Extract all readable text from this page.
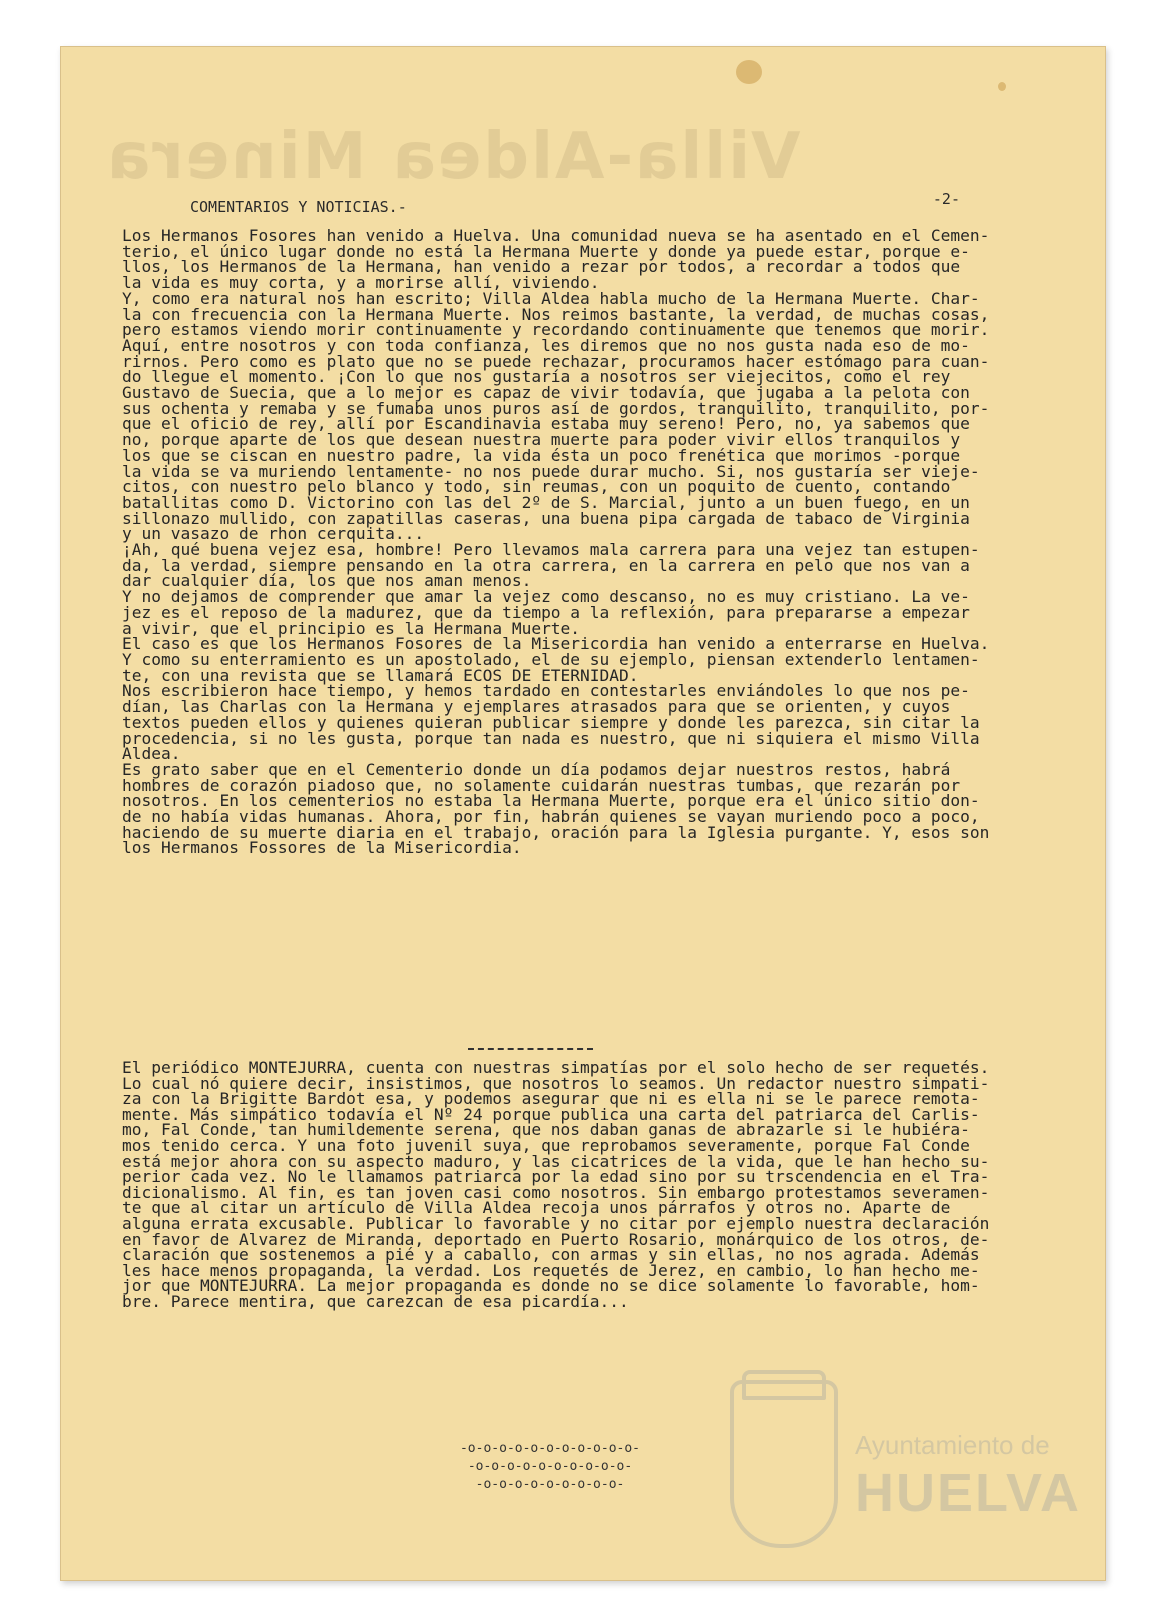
Villa-Aldea Minera
COMENTARIOS Y NOTICIAS.-	-2-

Los Hermanos Fosores han venido a Huelva. Una comunidad nueva se ha asentado en el Cemen-

terio, el único lugar donde no está la Hermana Muerte y donde ya puede estar, porque e-

llos, los Hermanos de la Hermana, han venido a rezar por todos, a recordar a todos que

la vida es muy corta, y a morirse allí, viviendo.

Y, como era natural nos han escrito; Villa Aldea habla mucho de la Hermana Muerte. Char-

la con frecuencia con la Hermana Muerte. Nos reimos bastante, la verdad, de muchas cosas,

pero estamos viendo morir continuamente y recordando continuamente que tenemos que morir.

Aquí, entre nosotros y con toda confianza, les diremos que no nos gusta nada eso de mo-

rirnos. Pero como es plato que no se puede rechazar, procuramos hacer estómago para cuan-

do llegue el momento. ¡Con lo que nos gustaría a nosotros ser viejecitos, como el rey

Gustavo de Suecia, que a lo mejor es capaz de vivir todavía, que jugaba a la pelota con

sus ochenta y remaba y se fumaba unos puros así de gordos, tranquilito, tranquilito, por-

que el oficio de rey, allí por Escandinavia estaba muy sereno! Pero, no, ya sabemos que

no, porque aparte de los que desean nuestra muerte para poder vivir ellos tranquilos y

los que se ciscan en nuestro padre, la vida ésta un poco frenética que morimos -porque

la vida se va muriendo lentamente- no nos puede durar mucho. Si, nos gustaría ser vieje-

citos, con nuestro pelo blanco y todo, sin reumas, con un poquito de cuento, contando

batallitas como D. Victorino con las del 2º de S. Marcial, junto a un buen fuego, en un

sillonazo mullido, con zapatillas caseras, una buena pipa cargada de tabaco de Virginia

y un vasazo de rhon cerquita...

¡Ah, qué buena vejez esa, hombre! Pero llevamos mala carrera para una vejez tan estupen-

da, la verdad, siempre pensando en la otra carrera, en la carrera en pelo que nos van a

dar cualquier día, los que nos aman menos.

Y no dejamos de comprender que amar la vejez como descanso, no es muy cristiano. La ve-

jez es el reposo de la madurez, que da tiempo a la reflexión, para prepararse a empezar

a vivir, que el principio es la Hermana Muerte.

El caso es que los Hermanos Fosores de la Misericordia han venido a enterrarse en Huelva.

Y como su enterramiento es un apostolado, el de su ejemplo, piensan extenderlo lentamen-

te, con una revista que se llamará ECOS DE ETERNIDAD.

Nos escribieron hace tiempo, y hemos tardado en contestarles enviándoles lo que nos pe-

dían, las Charlas con la Hermana y ejemplares atrasados para que se orienten, y cuyos

textos pueden ellos y quienes quieran publicar siempre y donde les parezca, sin citar la

procedencia, si no les gusta, porque tan nada es nuestro, que ni siquiera el mismo Villa

Aldea.

Es grato saber que en el Cementerio donde un día podamos dejar nuestros restos, habrá

hombres de corazón piadoso que, no solamente cuidarán nuestras tumbas, que rezarán por

nosotros. En los cementerios no estaba la Hermana Muerte, porque era el único sitio don-

de no había vidas humanas. Ahora, por fin, habrán quienes se vayan muriendo poco a poco,

haciendo de su muerte diaria en el trabajo, oración para la Iglesia purgante. Y, esos son

los Hermanos Fossores de la Misericordia.

El periódico MONTEJURRA, cuenta con nuestras simpatías por el solo hecho de ser requetés.

Lo cual nó quiere decir, insistimos, que nosotros lo seamos. Un redactor nuestro simpati-

za con la Brigitte Bardot esa, y podemos asegurar que ni es ella ni se le parece remota-

mente. Más simpático todavía el Nº 24 porque publica una carta del patriarca del Carlis-

mo, Fal Conde, tan humildemente serena, que nos daban ganas de abrazarle si le hubiéra-

mos tenido cerca. Y una foto juvenil suya, que reprobamos severamente, porque Fal Conde

está mejor ahora con su aspecto maduro, y las cicatrices de la vida, que le han hecho su-

perior cada vez. No le llamamos patriarca por la edad sino por su trscendencia en el Tra-

dicionalismo. Al fin, es tan joven casi como nosotros. Sin embargo protestamos severamen-

te que al citar un artículo de Villa Aldea recoja unos párrafos y otros no. Aparte de

alguna errata excusable. Publicar lo favorable y no citar por ejemplo nuestra declaración

en favor de Alvarez de Miranda, deportado en Puerto Rosario, monárquico de los otros, de-

claración que sostenemos a pié y a caballo, con armas y sin ellas, no nos agrada. Además

les hace menos propaganda, la verdad. Los requetés de Jerez, en cambio, lo han hecho me-

jor que MONTEJURRA. La mejor propaganda es donde no se dice solamente lo favorable, hom-

bre. Parece mentira, que carezcan de esa picardía...

-o-o-o-o-o-o-o-o-o-o-o-
-o-o-o-o-o-o-o-o-o-o-
-o-o-o-o-o-o-o-o-o-
Ayuntamiento de
HUELVA
